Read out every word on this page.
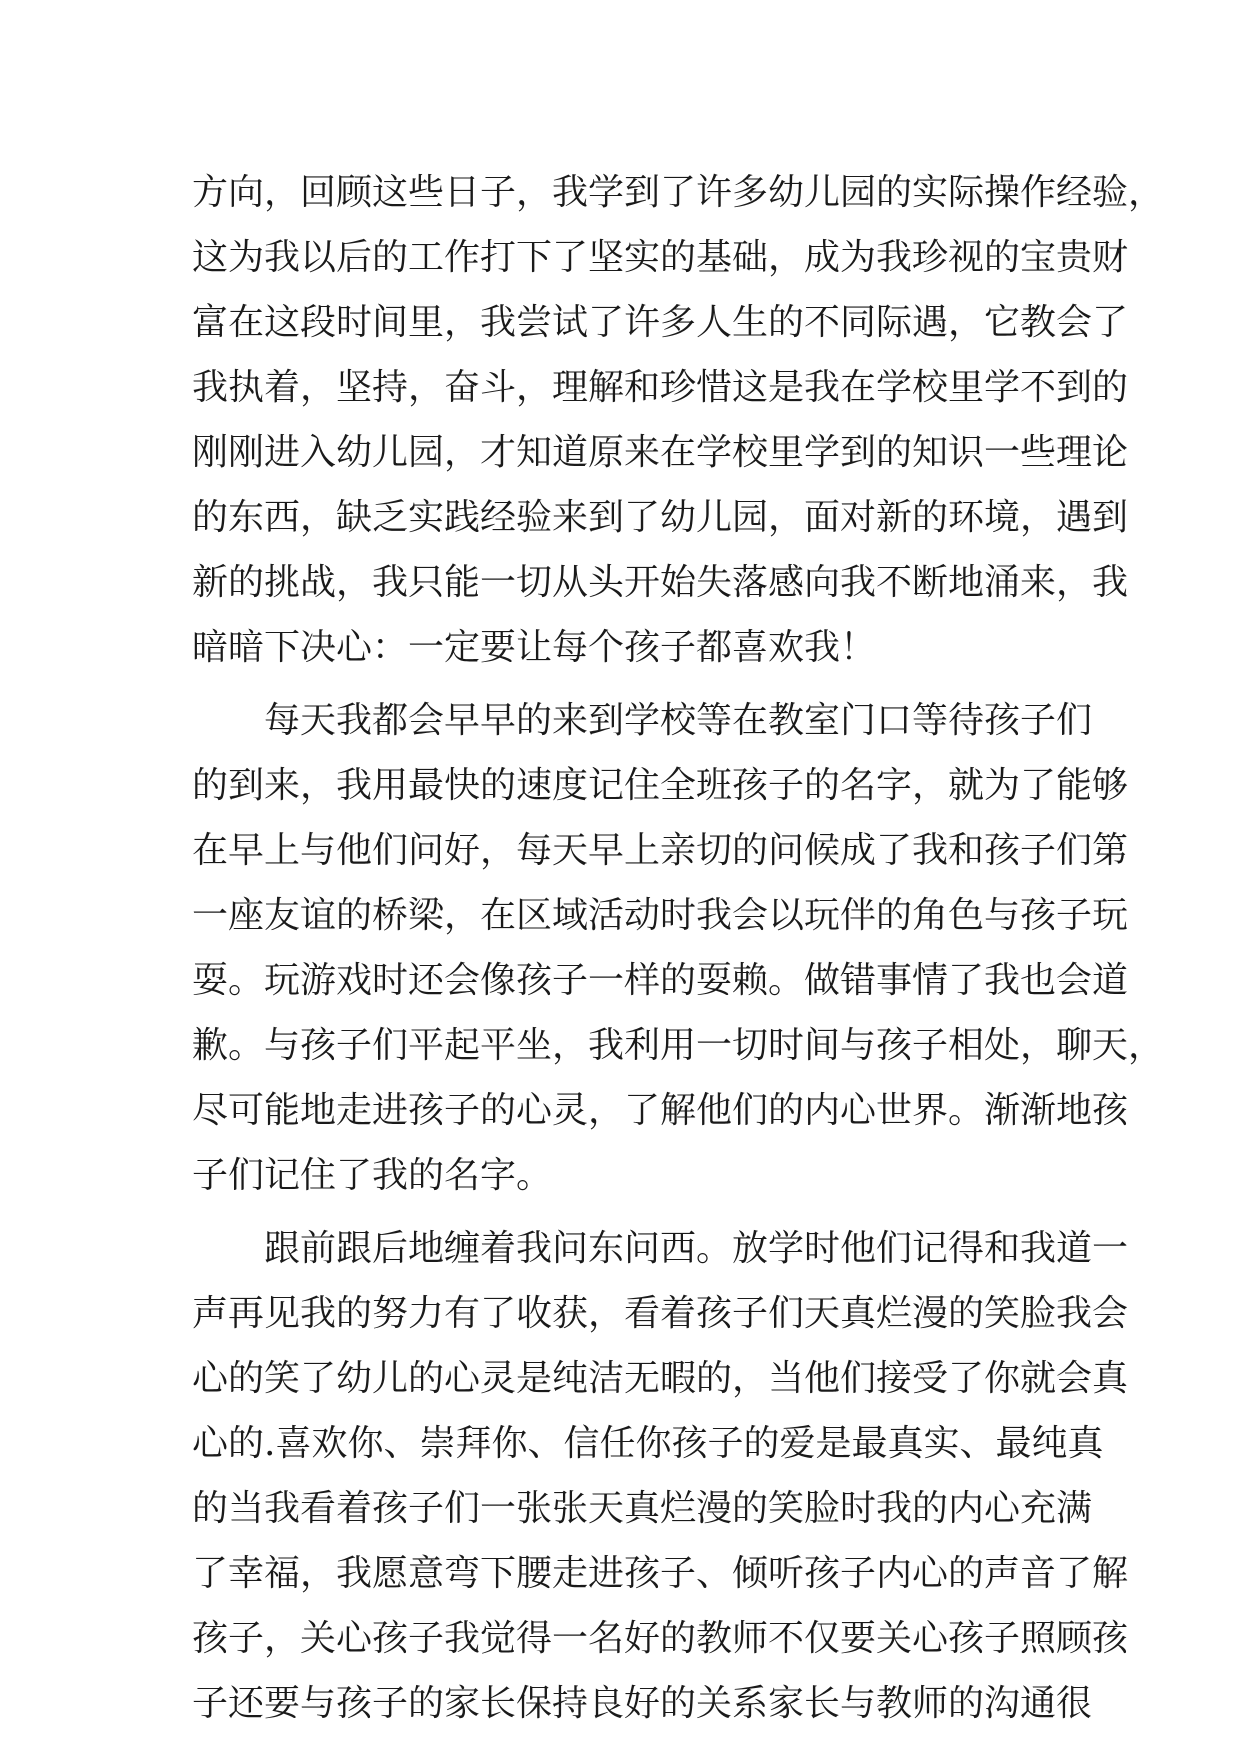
方向，回顾这些日子，我学到了许多幼儿园的实际操作经验，
这为我以后的工作打下了坚实的基础，成为我珍视的宝贵财
富在这段时间里，我尝试了许多人生的不同际遇，它教会了
我执着，坚持，奋斗，理解和珍惜这是我在学校里学不到的
刚刚进入幼儿园，才知道原来在学校里学到的知识一些理论
的东西，缺乏实践经验来到了幼儿园，面对新的环境，遇到
新的挑战，我只能一切从头开始失落感向我不断地涌来，我
暗暗下决心：一定要让每个孩子都喜欢我！
每天我都会早早的来到学校等在教室门口等待孩子们
的到来，我用最快的速度记住全班孩子的名字，就为了能够
在早上与他们问好，每天早上亲切的问候成了我和孩子们第
一座友谊的桥梁，在区域活动时我会以玩伴的角色与孩子玩
耍。玩游戏时还会像孩子一样的耍赖。做错事情了我也会道
歉。与孩子们平起平坐，我利用一切时间与孩子相处，聊天，
尽可能地走进孩子的心灵，了解他们的内心世界。渐渐地孩
子们记住了我的名字。
跟前跟后地缠着我问东问西。放学时他们记得和我道一
声再见我的努力有了收获，看着孩子们天真烂漫的笑脸我会
心的笑了幼儿的心灵是纯洁无暇的，当他们接受了你就会真
心的.喜欢你、崇拜你、信任你孩子的爱是最真实、最纯真
的当我看着孩子们一张张天真烂漫的笑脸时我的内心充满
了幸福，我愿意弯下腰走进孩子、倾听孩子内心的声音了解
孩子，关心孩子我觉得一名好的教师不仅要关心孩子照顾孩
子还要与孩子的家长保持良好的关系家长与教师的沟通很
